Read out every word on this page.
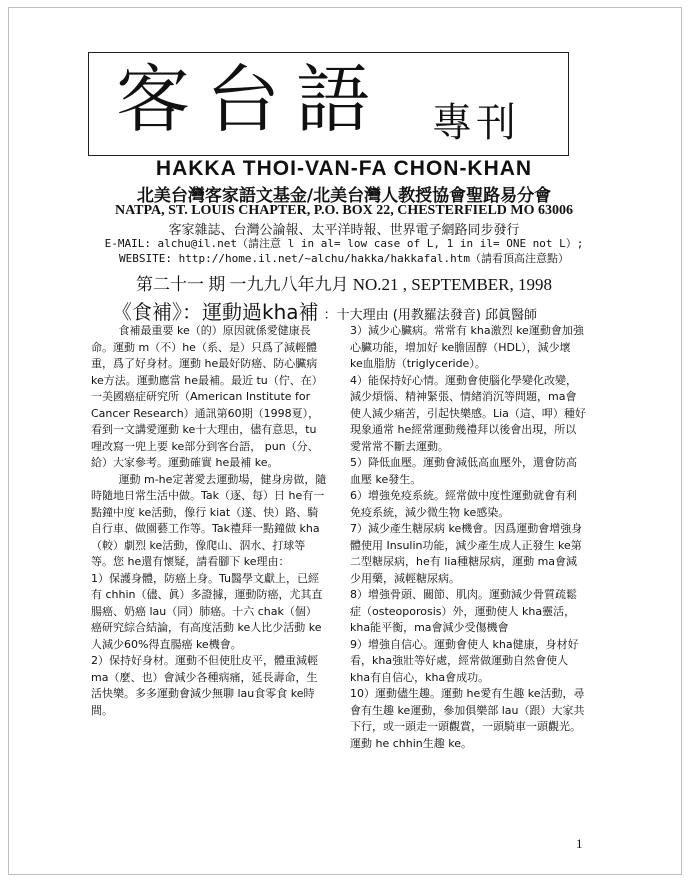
客台語 專刊
HAKKA THOI-VAN-FA CHON-KHAN
北美台灣客家語文基金/北美台灣人教授協會聖路易分會
NATPA, ST. LOUIS CHAPTER, P.O. BOX 22, CHESTERFIELD MO 63006
客家雜誌、台灣公論報、太平洋時報、世界電子網路同步發行
E-MAIL: alchu@il.net（請注意 l in al= low case of L, 1 in il= ONE not L）;
WEBSITE: http://home.il.net/~alchu/hakka/hakkafal.htm（請看頂高注意點）
第二十一 期 一九九八年九月 NO.21 , SEPTEMBER, 1998
《食補》：運動過kha補 ：十大理由 (用教羅法發音) 邱眞醫師

食補最重要 ke（的）原因就係愛健康長命。運動 m（不）he（系、是）只爲了減輕體重，爲了好身材。運動 he最好防癌、防心臟病 ke方法。運動應當 he最補。最近 tu（佇、在）一美國癌症研究所（American Institute for Cancer Research）通訊第60期（1998夏），看到一文講愛運動 ke十大理由，儘有意思，tu哩改寫一兜上要 ke部分到客台語， pun（分、給）大家參考。運動確實 he最補 ke。

運動 m-he定著愛去運動場，健身房做，隨時隨地日常生活中做。Tak（逐、每）日 he有一點鐘中度 ke活動，像行 kiat（遂、快）路、騎自行車、做園藝工作等。Tak禮拜一點鐘做 kha（較）劇烈 ke活動，像爬山、泅水、打球等等。您 he還有懷疑，請看腳下 ke理由：

1）保護身體，防癌上身。Tu醫學文獻上，已經有 chhin（儘、眞）多證據，運動防癌，尤其直腸癌、奶癌 lau（同）肺癌。十六 chak（個）癌研究綜合結論，有高度活動 ke人比少活動 ke人減少60%得直腸癌 ke機會。

2）保持好身材。運動不但使肚皮平，體重減輕 ma（麼、也）會減少各種病痛，延長壽命，生活快樂。多多運動會減少無聊 lau食零食 ke時間。

3）減少心臟病。常常有 kha激烈 ke運動會加強心臟功能，增加好 ke膽固醇（HDL），減少壞 ke血脂肪（triglyceride）。

4）能保持好心情。運動會使腦化學變化改變，減少煩惱、精神緊張、情緒消沉等問題，ma會使人減少痛苦，引起快樂感。Lia（這、呷）種好現象通常 he經常運動幾禮拜以後會出現，所以愛常常不斷去運動。

5）降低血壓。運動會減低高血壓外，還會防高血壓 ke發生。

6）增強免疫系統。經常做中度性運動就會有利免疫系統，減少微生物 ke感染。

7）減少產生糖尿病 ke機會。因爲運動會增強身體使用 Insulin功能，減少產生成人正發生 ke第二型糖尿病，he有 lia種糖尿病，運動 ma會減少用藥，減輕糖尿病。

8）增強骨頭、關節、肌肉。運動減少骨質疏鬆症（osteoporosis）外，運動使人 kha靈活，kha能平衡，ma會減少受傷機會

9）增強自信心。運動會使人 kha健康，身材好看，kha強壯等好處，經常做運動自然會使人 kha有自信心，kha會成功。

10）運動儘生趣。運動 he愛有生趣 ke活動，尋會有生趣 ke運動，參加俱樂部 lau（跟）大家共下行，或一頭走一頭觀賞，一頭騎車一頭觀光。運動 he chhin生趣 ke。

1
